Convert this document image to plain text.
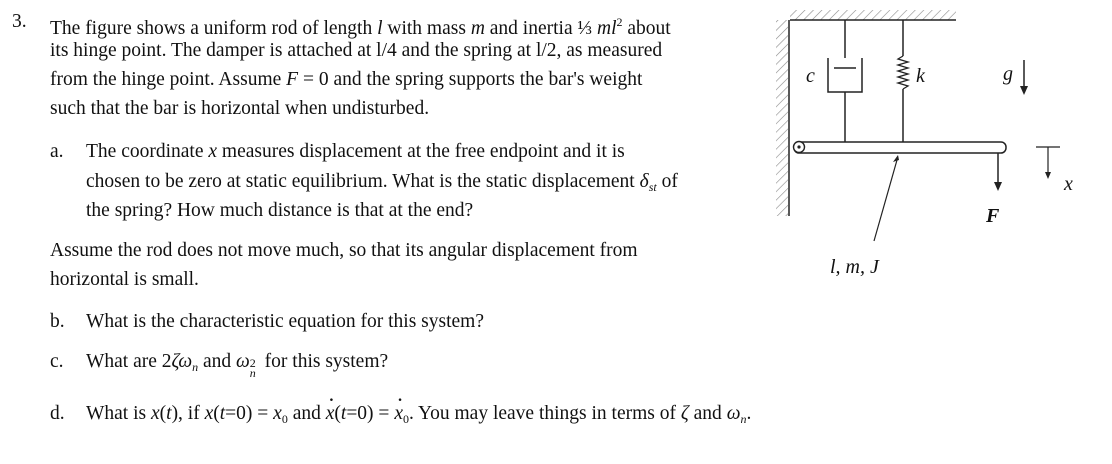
3. The figure shows a uniform rod of length l with mass m and inertia ⅓ $ml^2$ about
its hinge point. The damper is attached at l/4 and the spring at l/2, as measured
from the hinge point. Assume F = 0 and the spring supports the bar's weight
such that the bar is horizontal when undisturbed.
a. The coordinate x measures displacement at the free endpoint and it is
chosen to be zero at static equilibrium. What is the static displacement $\delta_{st}$ of
the spring? How much distance is that at the end?
Assume the rod does not move much, so that its angular displacement from
horizontal is small.
b. What is the characteristic equation for this system?
c. What are $2\zeta\omega_n$ and ω 2
n
for this system?
d. What is x(t), if $x(t=0) = x_0$ and · x(t=0) = · $x_0$. You may leave things in terms of ζ and $\omega_n$.
c	k	g
F
x
l, m, J
